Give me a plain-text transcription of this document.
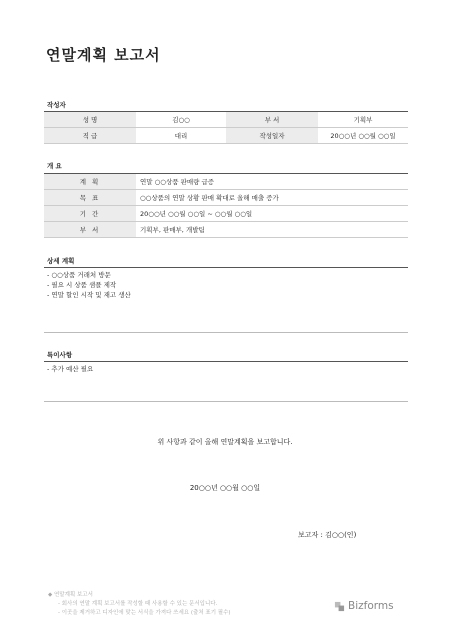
연말계획 보고서
작성자
성 명	김○○	부 서	기획부
직 급	대리	작성일자	20○○년 ○○월 ○○일
개 요
계 획	연말 ○○상품 판매량 급증
목 표	○○상품의 연말 상황 판매 확대로 올해 매출 증가
기 간	20○○년 ○○월 ○○일 ~ ○○월 ○○일
부 서	기획부, 판매부, 개발팀
상세 계획
- ○○상품 거래처 방문
- 필요 시 상품 샘플 제작
- 연말 할인 시작 및 재고 생산
특이사항
- 추가 예산 필요
위 사항과 같이 올해 연말계획을 보고합니다.
20○○년 ○○월 ○○일
보고자 : 김○○(인)
◆ 연말계획 보고서
- 회사의 연말 계획 보고서를 작성할 때 사용할 수 있는 문서입니다.
- 이곳을 제거하고 디자인에 맞는 서식을 가져다 쓰세요 (출처 표기 필수)
Bizforms
